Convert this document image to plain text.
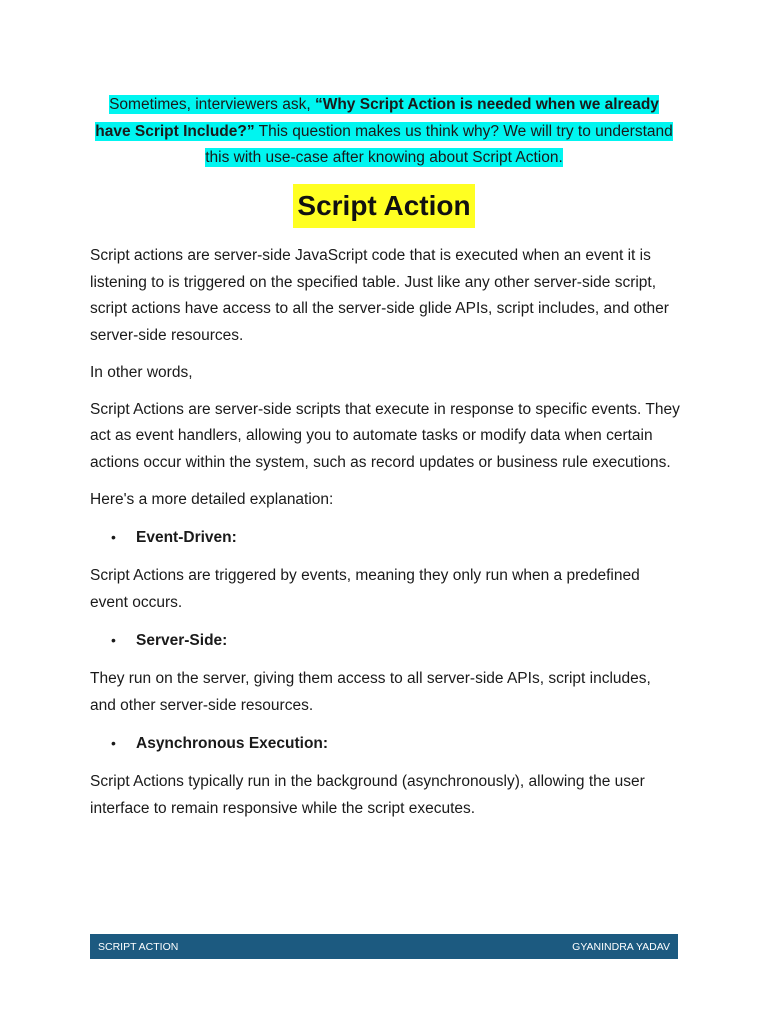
Sometimes, interviewers ask, “Why Script Action is needed when we already have Script Include?” This question makes us think why? We will try to understand this with use-case after knowing about Script Action.
Script Action

Script actions are server-side JavaScript code that is executed when an event it is listening to is triggered on the specified table. Just like any other server-side script, script actions have access to all the server-side glide APIs, script includes, and other server-side resources.

In other words,

Script Actions are server-side scripts that execute in response to specific events. They act as event handlers, allowing you to automate tasks or modify data when certain actions occur within the system, such as record updates or business rule executions.

Here's a more detailed explanation:

•	Event-Driven:

Script Actions are triggered by events, meaning they only run when a predefined event occurs.

•	Server-Side:

They run on the server, giving them access to all server-side APIs, script includes, and other server-side resources.

•	Asynchronous Execution:

Script Actions typically run in the background (asynchronously), allowing the user interface to remain responsive while the script executes.

SCRIPT ACTION	GYANINDRA YADAV
